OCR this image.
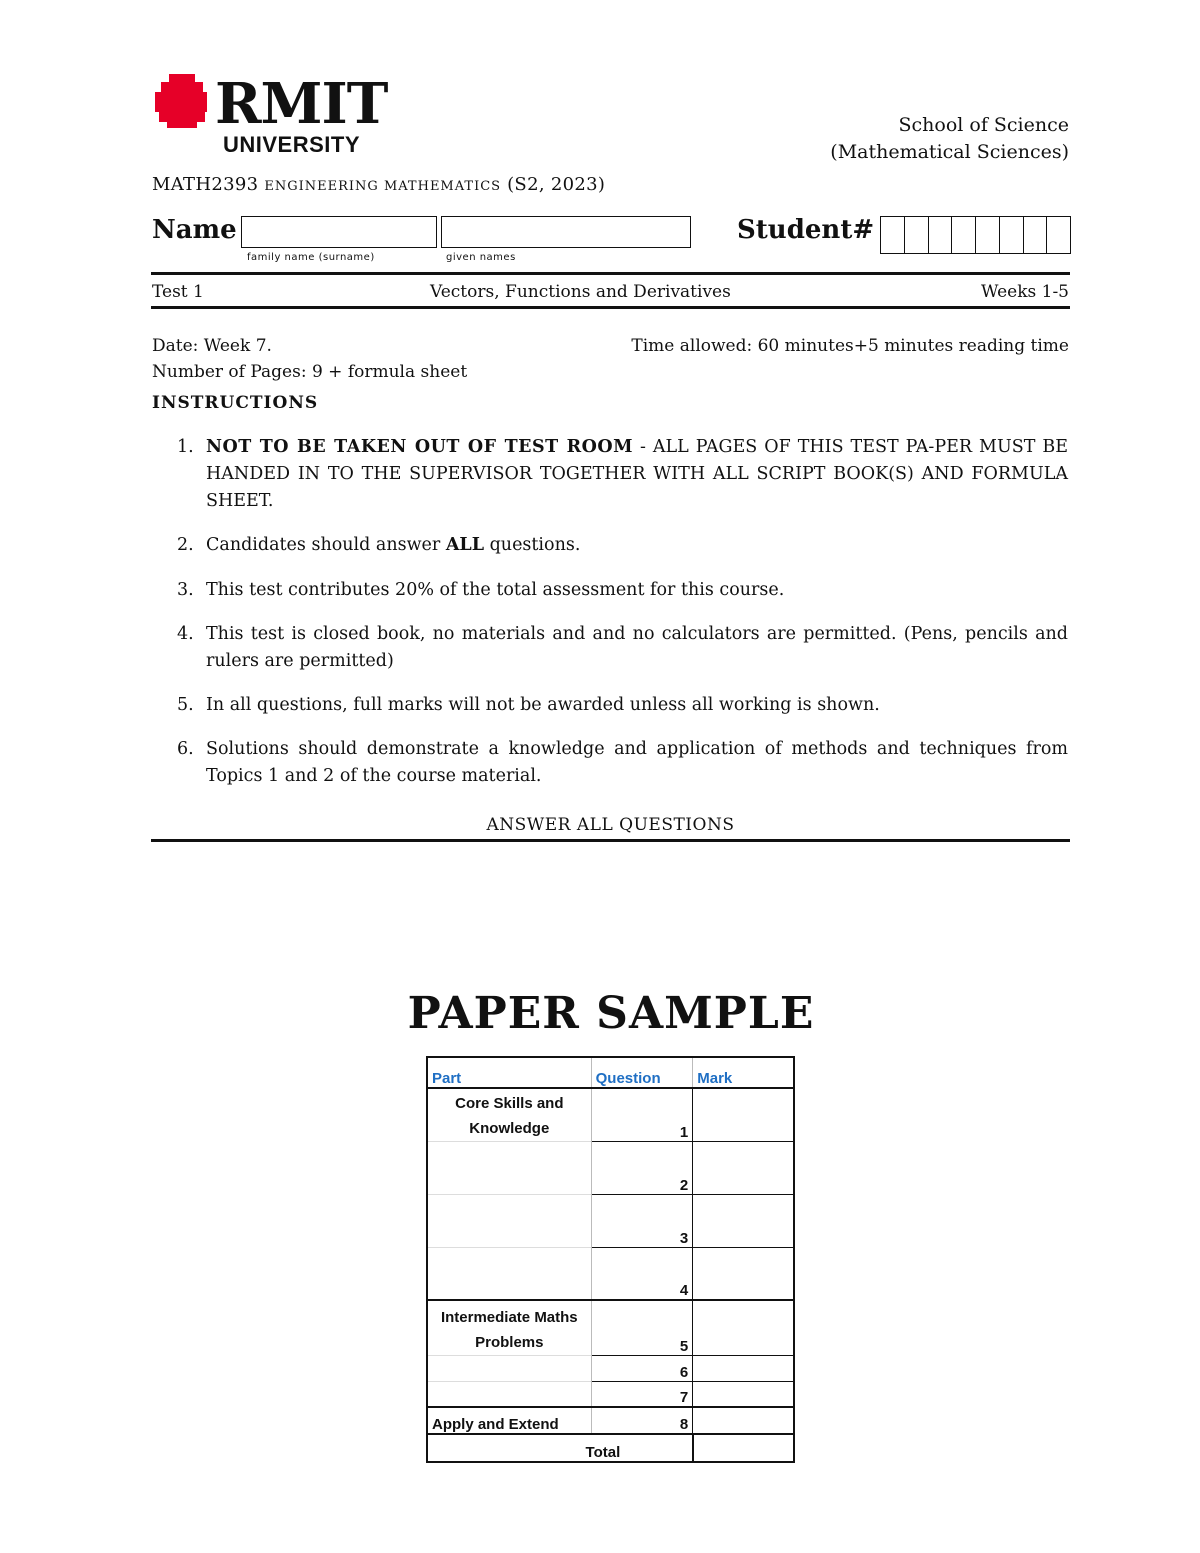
RMIT
UNIVERSITY
School of Science
(Mathematical Sciences)
MATH2393 ENGINEERING MATHEMATICS (S2, 2023)
Name
family name (surname)	given names
Student#
Test 1	Vectors, Functions and Derivatives	Weeks 1-5
Date: Week 7.	Time allowed: 60 minutes+5 minutes reading time
Number of Pages: 9 + formula sheet
INSTRUCTIONS
1. NOT TO BE TAKEN OUT OF TEST ROOM - ALL PAGES OF THIS TEST PA-PER MUST BE HANDED IN TO THE SUPERVISOR TOGETHER WITH ALL SCRIPT BOOK(S) AND FORMULA SHEET.
2. Candidates should answer ALL questions.
3. This test contributes 20% of the total assessment for this course.
4. This test is closed book, no materials and and no calculators are permitted. (Pens, pencils and rulers are permitted)
5. In all questions, full marks will not be awarded unless all working is shown.
6. Solutions should demonstrate a knowledge and application of methods and techniques from Topics 1 and 2 of the course material.
ANSWER ALL QUESTIONS
PAPER SAMPLE
Part	Question	Mark

Core Skills and
Knowledge	1	
	2	
	3	
	4	

Intermediate Maths
Problems	5	
	6	
	7	
Apply and Extend	8	
Total		
